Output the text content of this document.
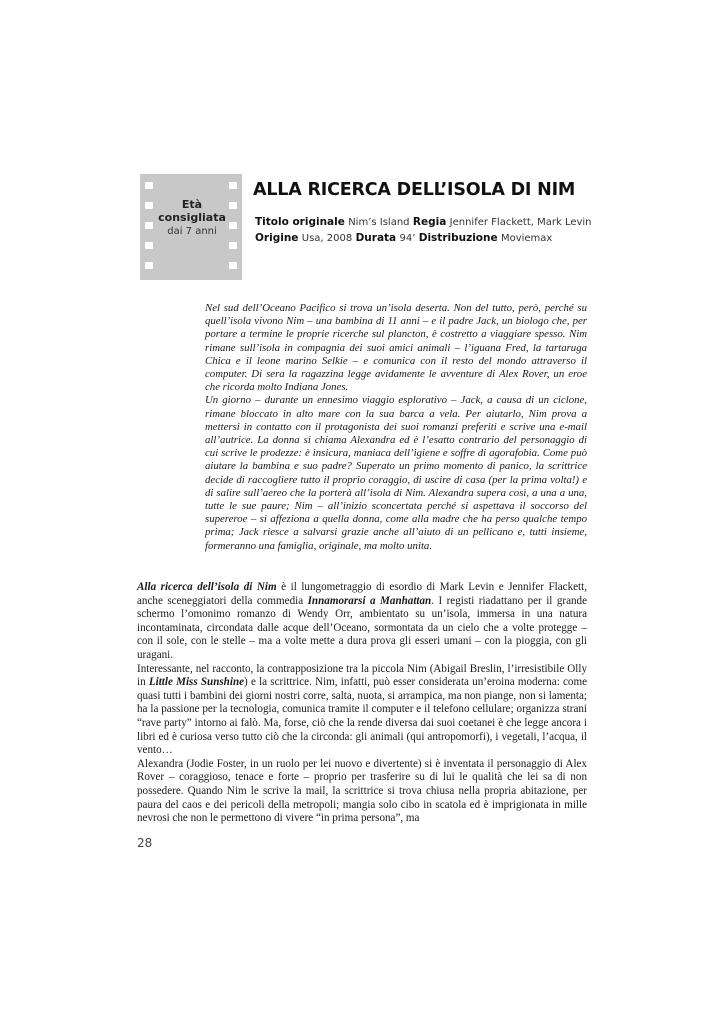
Età
consigliata
dai 7 anni
ALLA RICERCA DELL’ISOLA DI NIM
Titolo originale Nim’s Island Regia Jennifer Flackett, Mark Levin
Origine Usa, 2008 Durata 94’ Distribuzione Moviemax

Nel sud dell’Oceano Pacifico si trova un’isola deserta. Non del tutto, però, perché su quell’isola vivono Nim – una bambina di 11 anni – e il padre Jack, un biologo che, per portare a termine le proprie ricerche sul plancton, è costretto a viaggiare spesso. Nim rimane sull’isola in compagnia dei suoi amici animali – l’iguana Fred, la tartaruga Chica e il leone marino Selkie – e comunica con il resto del mondo attraverso il computer. Di sera la ragazzina legge avidamente le avventure di Alex Rover, un eroe che ricorda molto Indiana Jones.

Un giorno – durante un ennesimo viaggio esplorativo – Jack, a causa di un ciclone, rimane bloccato in alto mare con la sua barca a vela. Per aiutarlo, Nim prova a mettersi in contatto con il protagonista dei suoi romanzi preferiti e scrive una e-mail all’autrice. La donna si chiama Alexandra ed è l’esatto contrario del personaggio di cui scrive le prodezze: è insicura, maniaca dell’igiene e soffre di agorafobia. Come può aiutare la bambina e suo padre? Superato un primo momento di panico, la scrittrice decide di raccogliere tutto il proprio coraggio, di uscire di casa (per la prima volta!) e di salire sull’aereo che la porterà all’isola di Nim. Alexandra supera così, a una a una, tutte le sue paure; Nim – all’inizio sconcertata perché si aspettava il soccorso del supereroe – si affeziona a quella donna, come alla madre che ha perso qualche tempo prima; Jack riesce a salvarsi grazie anche all’aiuto di un pellicano e, tutti insieme, formeranno una famiglia, originale, ma molto unita.

Alla ricerca dell’isola di Nim è il lungometraggio di esordio di Mark Levin e Jennifer Flackett, anche sceneggiatori della commedia Innamorarsi a Manhattan. I registi riadattano per il grande schermo l’omonimo romanzo di Wendy Orr, ambientato su un’isola, immersa in una natura incontaminata, circondata dalle acque dell’Oceano, sormontata da un cielo che a volte protegge – con il sole, con le stelle – ma a volte mette a dura prova gli esseri umani – con la pioggia, con gli uragani.

Interessante, nel racconto, la contrapposizione tra la piccola Nim (Abigail Breslin, l’irresistibile Olly in Little Miss Sunshine) e la scrittrice. Nim, infatti, può esser considerata un’eroina moderna: come quasi tutti i bambini dei giorni nostri corre, salta, nuota, si arrampica, ma non piange, non si lamenta; ha la passione per la tecnologia, comunica tramite il computer e il telefono cellulare; organizza strani “rave party” intorno ai falò. Ma, forse, ciò che la rende diversa dai suoi coetanei è che legge ancora i libri ed è curiosa verso tutto ciò che la circonda: gli animali (qui antropomorfi), i vegetali, l’acqua, il vento…

Alexandra (Jodie Foster, in un ruolo per lei nuovo e divertente) si è inventata il personaggio di Alex Rover – coraggioso, tenace e forte – proprio per trasferire su di lui le qualità che lei sa di non possedere. Quando Nim le scrive la mail, la scrittrice si trova chiusa nella propria abitazione, per paura del caos e dei pericoli della metropoli; mangia solo cibo in scatola ed è imprigionata in mille nevrosi che non le permettono di vivere “in prima persona”, ma

28
